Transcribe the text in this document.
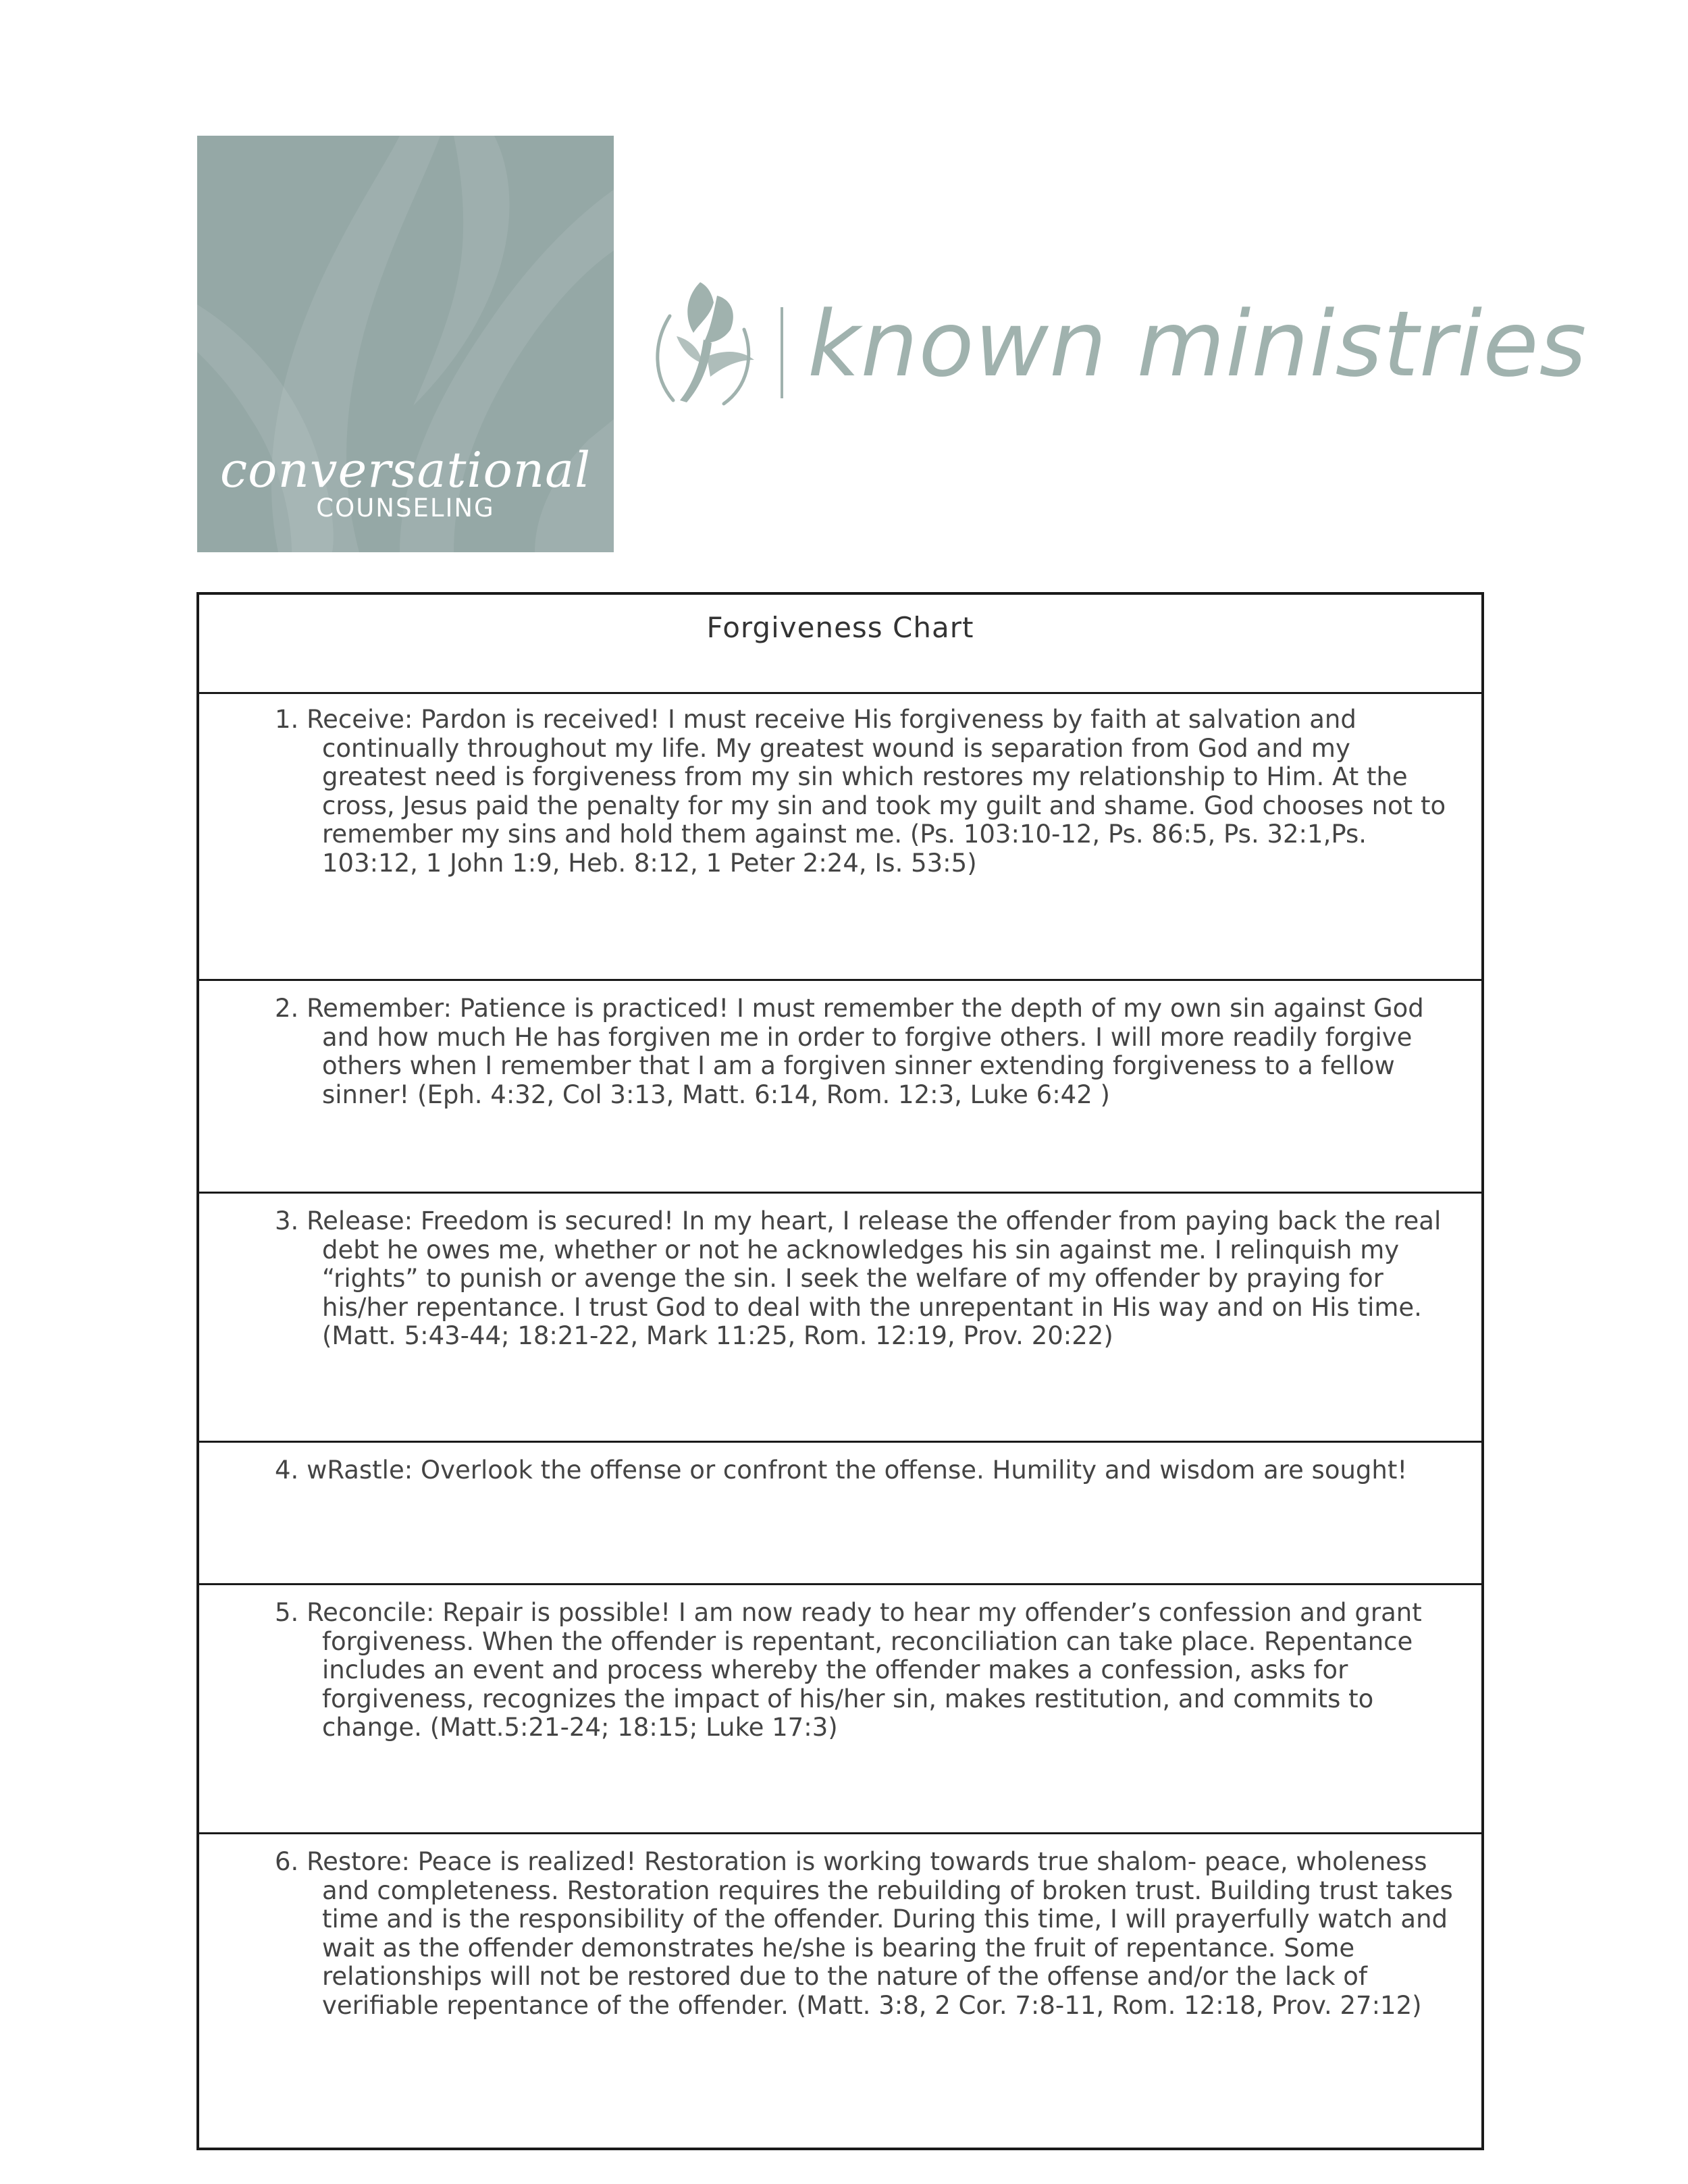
conversational
COUNSELING
known ministries
Forgiveness Chart
1. Receive: Pardon is received! I must receive His forgiveness by faith at salvation and continually throughout my life. My greatest wound is separation from God and my greatest need is forgiveness from my sin which restores my relationship to Him. At the cross, Jesus paid the penalty for my sin and took my guilt and shame. God chooses not to remember my sins and hold them against me. (Ps. 103:10-12, Ps. 86:5, Ps. 32:1,Ps. 103:12, 1 John 1:9, Heb. 8:12, 1 Peter 2:24, Is. 53:5)
2. Remember: Patience is practiced! I must remember the depth of my own sin against God and how much He has forgiven me in order to forgive others. I will more readily forgive others when I remember that I am a forgiven sinner extending forgiveness to a fellow sinner! (Eph. 4:32, Col 3:13, Matt. 6:14, Rom. 12:3, Luke 6:42 )
3. Release: Freedom is secured! In my heart, I release the offender from paying back the real debt he owes me, whether or not he acknowledges his sin against me. I relinquish my “rights” to punish or avenge the sin. I seek the welfare of my offender by praying for his/her repentance. I trust God to deal with the unrepentant in His way and on His time. (Matt. 5:43-44; 18:21-22, Mark 11:25, Rom. 12:19, Prov. 20:22)
4. wRastle: Overlook the offense or confront the offense. Humility and wisdom are sought!
5. Reconcile: Repair is possible! I am now ready to hear my offender’s confession and grant forgiveness. When the offender is repentant, reconciliation can take place. Repentance includes an event and process whereby the offender makes a confession, asks for forgiveness, recognizes the impact of his/her sin, makes restitution, and commits to change. (Matt.5:21-24; 18:15; Luke 17:3)
6. Restore: Peace is realized! Restoration is working towards true shalom- peace, wholeness and completeness. Restoration requires the rebuilding of broken trust. Building trust takes time and is the responsibility of the offender. During this time, I will prayerfully watch and wait as the offender demonstrates he/she is bearing the fruit of repentance. Some relationships will not be restored due to the nature of the offense and/or the lack of verifiable repentance of the offender. (Matt. 3:8, 2 Cor. 7:8-11, Rom. 12:18, Prov. 27:12)
